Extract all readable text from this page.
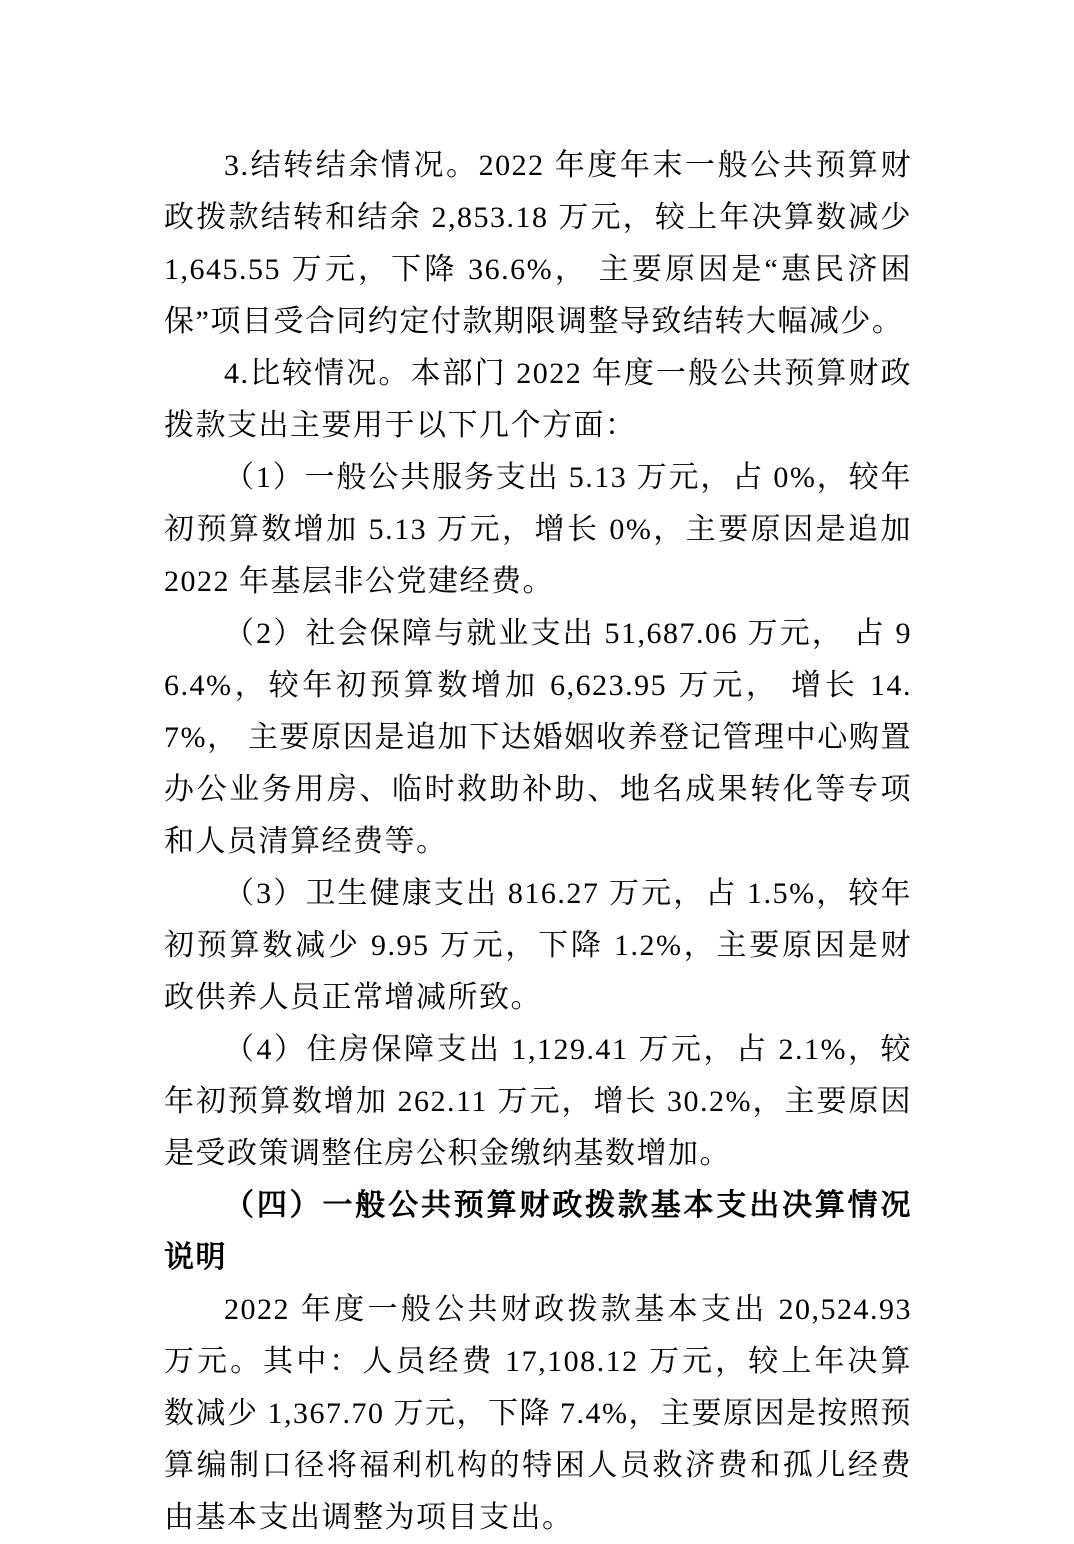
3.结转结余情况。2022 年度年末一般公共预算财政拨款结转和结余 2,853.18 万元，较上年决算数减少 1,645.55 万元，下降 36.6%， 主要原因是“惠民济困保”项目受合同约定付款期限调整导致结转大幅减少。

4.比较情况。本部门 2022 年度一般公共预算财政拨款支出主要用于以下几个方面：

（1）一般公共服务支出 5.13 万元，占 0%，较年初预算数增加 5.13 万元，增长 0%，主要原因是追加 2022 年基层非公党建经费。

（2）社会保障与就业支出 51,687.06 万元， 占 96.4%，较年初预算数增加 6,623.95 万元， 增长 14.7%， 主要原因是追加下达婚姻收养登记管理中心购置办公业务用房、临时救助补助、地名成果转化等专项和人员清算经费等。

（3）卫生健康支出 816.27 万元，占 1.5%，较年初预算数减少 9.95 万元，下降 1.2%，主要原因是财政供养人员正常增减所致。

（4）住房保障支出 1,129.41 万元，占 2.1%，较年初预算数增加 262.11 万元，增长 30.2%，主要原因是受政策调整住房公积金缴纳基数增加。

（四）一般公共预算财政拨款基本支出决算情况说明

2022 年度一般公共财政拨款基本支出 20,524.93 万元。其中：人员经费 17,108.12 万元，较上年决算数减少 1,367.70 万元，下降 7.4%，主要原因是按照预算编制口径将福利机构的特困人员救济费和孤儿经费由基本支出调整为项目支出。
